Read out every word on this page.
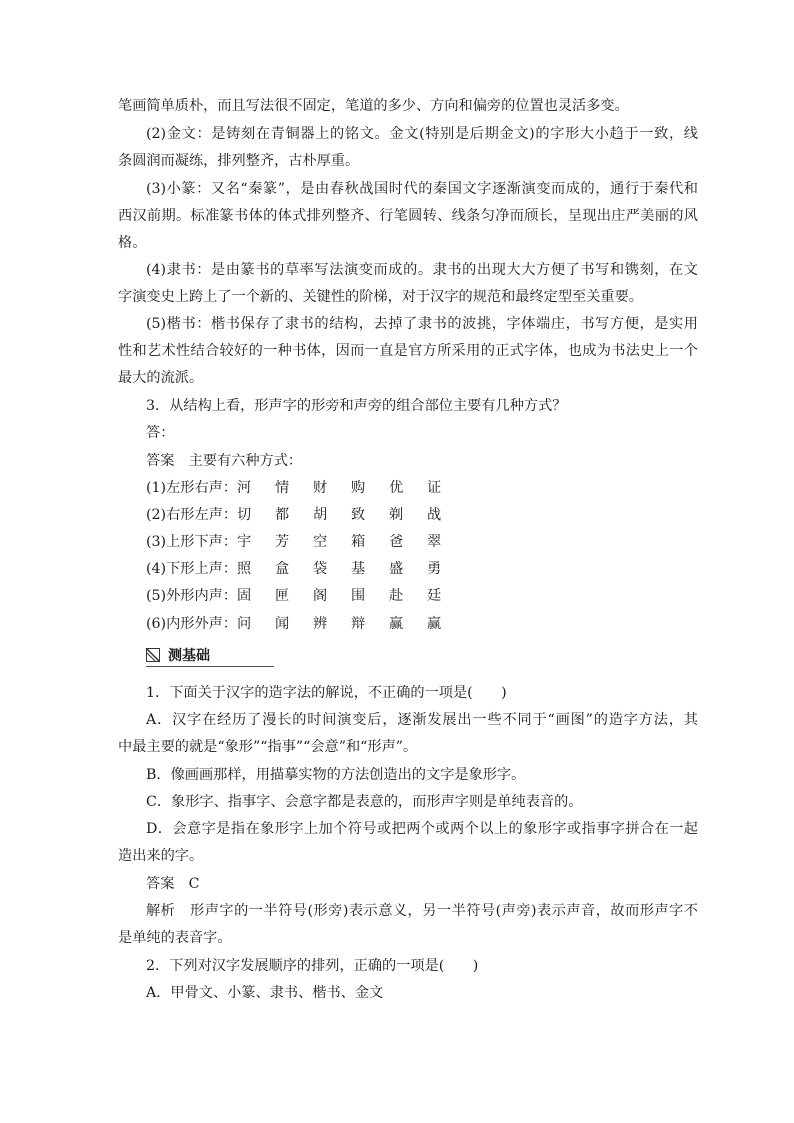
笔画简单质朴，而且写法很不固定，笔道的多少、方向和偏旁的位置也灵活多变。
(2)金文：是铸刻在青铜器上的铭文。金文(特别是后期金文)的字形大小趋于一致，线
条圆润而凝练，排列整齐，古朴厚重。
(3)小篆：又名“秦篆”，是由春秋战国时代的秦国文字逐渐演变而成的，通行于秦代和
西汉前期。标准篆书体的体式排列整齐、行笔圆转、线条匀净而颀长，呈现出庄严美丽的风
格。
(4)隶书：是由篆书的草率写法演变而成的。隶书的出现大大方便了书写和镌刻，在文
字演变史上跨上了一个新的、关键性的阶梯，对于汉字的规范和最终定型至关重要。
(5)楷书：楷书保存了隶书的结构，去掉了隶书的波挑，字体端庄，书写方便，是实用
性和艺术性结合较好的一种书体，因而一直是官方所采用的正式字体，也成为书法史上一个
最大的流派。
3．从结构上看，形声字的形旁和声旁的组合部位主要有几种方式？
答：
答案　主要有六种方式：
(1)左形右声：河 情 财 购 优 证
(2)右形左声：切 都 胡 致 剃 战
(3)上形下声：宇 芳 空 箱 爸 翠
(4)下形上声：照 盒 袋 基 盛 勇
(5)外形内声：固 匣 阁 围 赴 廷
(6)内形外声：问 闻 辨 辩 赢 赢
测基础
1．下面关于汉字的造字法的解说，不正确的一项是(　　)
A．汉字在经历了漫长的时间演变后，逐渐发展出一些不同于“画图”的造字方法，其
中最主要的就是“象形”“指事”“会意”和“形声”。
B．像画画那样，用描摹实物的方法创造出的文字是象形字。
C．象形字、指事字、会意字都是表意的，而形声字则是单纯表音的。
D．会意字是指在象形字上加个符号或把两个或两个以上的象形字或指事字拼合在一起
造出来的字。
答案　C
解析　形声字的一半符号(形旁)表示意义，另一半符号(声旁)表示声音，故而形声字不
是单纯的表音字。
2．下列对汉字发展顺序的排列，正确的一项是(　　)
A．甲骨文、小篆、隶书、楷书、金文
